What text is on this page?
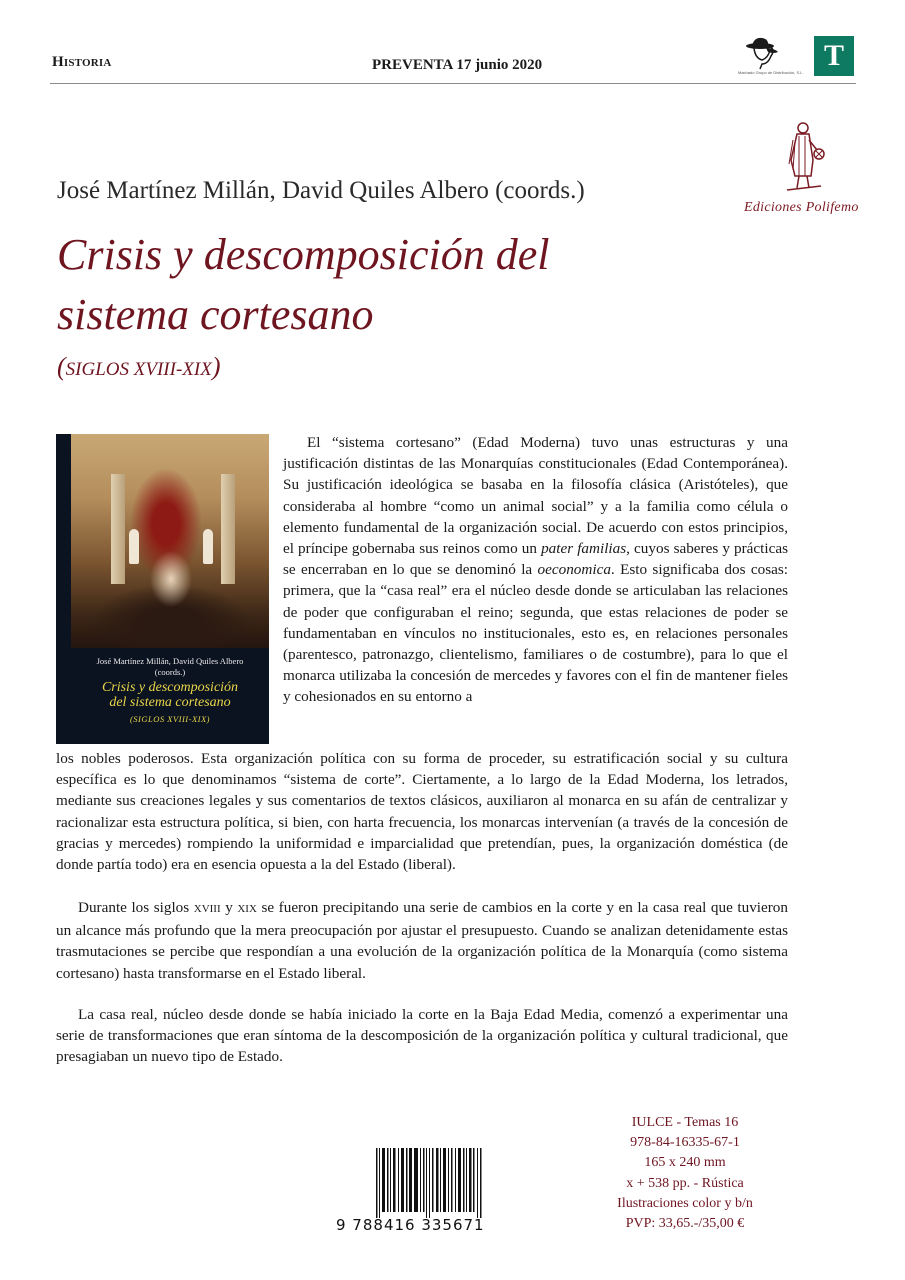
Historia	PREVENTA 17 junio 2020	Machado Grupo de Distribución, S.L.
T
Ediciones Polifemo
José Martínez Millán, David Quiles Albero (coords.)
Crisis y descomposición del
sistema cortesano
(SIGLOS XVIII-XIX)
José Martínez Millán, David Quiles Albero
(coords.)
Crisis y descomposición
del sistema cortesano
(SIGLOS XVIII-XIX)
El “sistema cortesano” (Edad Moderna) tuvo unas estructuras y una justificación distintas de las Monarquías constitucionales (Edad Contemporánea). Su justificación ideológica se basaba en la filosofía clásica (Aristóteles), que consideraba al hombre “como un animal social” y a la familia como célula o elemento fundamental de la organización social. De acuerdo con estos principios, el príncipe gobernaba sus reinos como un pater familias, cuyos saberes y prácticas se encerraban en lo que se denominó la oeconomica. Esto significaba dos cosas: primera, que la “casa real” era el núcleo desde donde se articulaban las relaciones de poder que configuraban el reino; segunda, que estas relaciones de poder se fundamentaban en vínculos no institucionales, esto es, en relaciones personales (parentesco, patronazgo, clientelismo, familiares o de costumbre), para lo que el monarca utilizaba la concesión de mercedes y favores con el fin de mantener fieles y cohesionados en su entorno a
los nobles poderosos. Esta organización política con su forma de proceder, su estratificación social y su cultura específica es lo que denominamos “sistema de corte”. Ciertamente, a lo largo de la Edad Moderna, los letrados, mediante sus creaciones legales y sus comentarios de textos clásicos, auxiliaron al monarca en su afán de centralizar y racionalizar esta estructura política, si bien, con harta frecuencia, los monarcas intervenían (a través de la concesión de gracias y mercedes) rompiendo la uniformidad e imparcialidad que pretendían, pues, la organización doméstica (de donde partía todo) era en esencia opuesta a la del Estado (liberal).
Durante los siglos XVIII y XIX se fueron precipitando una serie de cambios en la corte y en la casa real que tuvieron un alcance más profundo que la mera preocupación por ajustar el presupuesto. Cuando se analizan detenidamente estas trasmutaciones se percibe que respondían a una evolución de la organización política de la Monarquía (como sistema cortesano) hasta transformarse en el Estado liberal.
La casa real, núcleo desde donde se había iniciado la corte en la Baja Edad Media, comenzó a experimentar una serie de transformaciones que eran síntoma de la descomposición de la organización política y cultural tradicional, que presagiaban un nuevo tipo de Estado.
9 788416 335671
IULCE - Temas 16
978-84-16335-67-1
165 x 240 mm
x + 538 pp. - Rústica
Ilustraciones color y b/n
PVP: 33,65.-/35,00 €
